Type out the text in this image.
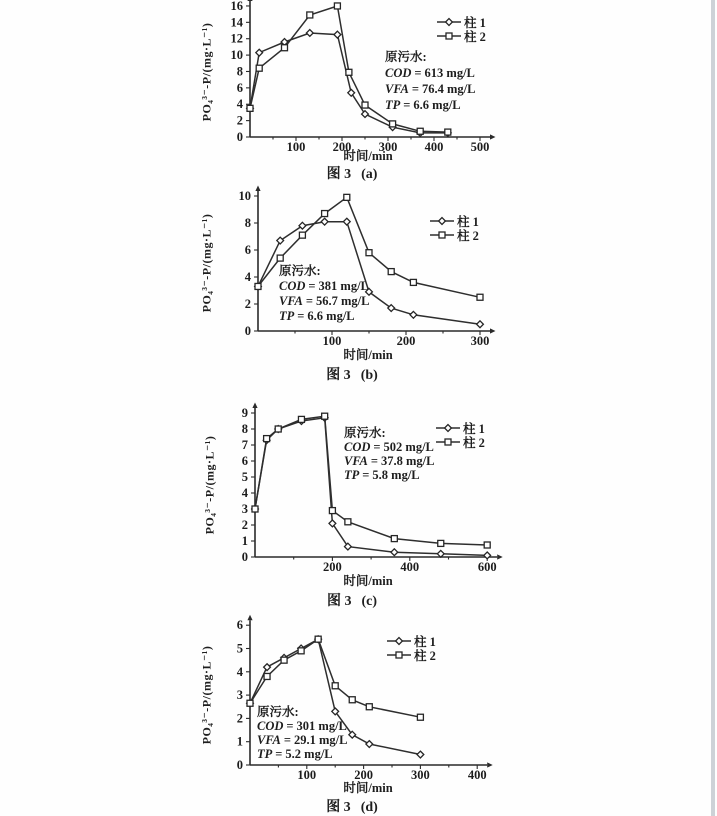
100 200 300 400 500
0
2
4
6
8
10
12
14
16
100	200	300
0
2
4
6
8
10
200	400	600
0
1
2
3
4
5
6
7
8
9
100	200	300	400
0
1
2
3
4
5
6
PO₄³⁻-P/(mg·L⁻¹)
时间/min
图 3 (a)
柱 1
柱 2
原污水:
COD = 613 mg/L
VFA = 76.4 mg/L
TP = 6.6 mg/L
PO₄³⁻-P/(mg·L⁻¹)
时间/min
图 3 (b)
柱 1
柱 2
原污水:
COD = 381 mg/L
VFA = 56.7 mg/L
TP = 6.6 mg/L
PO₄³⁻-P/(mg·L⁻¹)
时间/min
图 3 (c)
柱 1
柱 2
原污水:
COD = 502 mg/L
VFA = 37.8 mg/L
TP = 5.8 mg/L
PO₄³⁻-P/(mg·L⁻¹)
时间/min
图 3 (d)
柱 1
柱 2
原污水:
COD = 301 mg/L
VFA = 29.1 mg/L
TP = 5.2 mg/L
